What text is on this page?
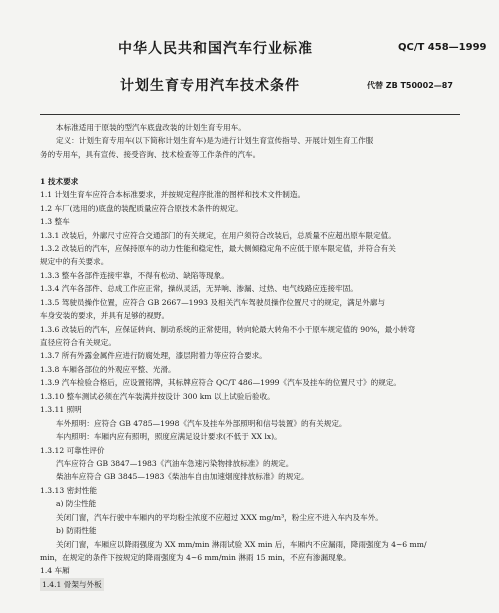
中华人民共和国汽车行业标准	QC/T 458—1999
计划生育专用汽车技术条件	代替 ZB T50002—87
本标准适用于原装的型汽车底盘改装的计划生育专用车。
定义：计划生育专用车(以下简称计划生育车)是为进行计划生育宣传指导、开展计划生育工作服
务的专用车，具有宣传、接受咨询、技术检查等工作条件的汽车。
1 技术要求
1.1 计划生育车应符合本标准要求，并按规定程序批准的图样和技术文件制造。
1.2 车厂(选用的)底盘的装配质量应符合原技术条件的规定。
1.3 整车
1.3.1 改装后，外廓尺寸应符合交通部门的有关规定，在用户须符合改装后，总质量不应超出原车限定值。
1.3.2 改装后的汽车，应保持原车的动力性能和稳定性，最大侧倾稳定角不应低于原车限定值，并符合有关
规定中的有关要求。
1.3.3 整车各部件连接牢靠，不得有松动、缺陷等现象。
1.3.4 汽车各部件、总成工作应正常，操纵灵活，无异响、渗漏、过热、电气线路应连接牢固。
1.3.5 驾驶员操作位置，应符合 GB 2667—1993 及相关汽车驾驶员操作位置尺寸的规定，满足外廓与
车身安装的要求，并具有足够的视野。
1.3.6 改装后的汽车，应保证转向、制动系统的正常使用，转向轮最大转角不小于原车规定值的 90%，最小转弯
直径应符合有关规定。
1.3.7 所有外露金属件应进行防腐处理，漆层附着力等应符合要求。
1.3.8 车厢各部位的外观应平整、光滑。
1.3.9 汽车检验合格后，应设置铭牌，其标牌应符合 QC/T 486—1999《汽车及挂车的位置尺寸》的规定。
1.3.10 整车测试必须在汽车装满并按设计 300 km 以上试验后验收。
1.3.11 照明
车外照明：应符合 GB 4785—1998《汽车及挂车外部照明和信号装置》的有关规定。
车内照明：车厢内应有照明，照度应满足设计要求(不低于 XX lx)。
1.3.12 可靠性评价
汽车应符合 GB 3847—1983《汽油车急速污染物排放标准》的规定。
柴油车应符合 GB 3845—1983《柴油车自由加速烟度排放标准》的规定。
1.3.13 密封性能
a) 防尘性能
关闭门窗，汽车行驶中车厢内的平均粉尘浓度不应超过 XXX mg/m³，粉尘应不进入车内及车外。
b) 防雨性能
关闭门窗，车厢应以降雨强度为 XX mm/min 淋雨试验 XX min 后，车厢内不应漏雨，降雨强度为 4~6 mm/
min，在规定的条件下按规定的降雨强度为 4~6 mm/min 淋雨 15 min，不应有渗漏现象。
1.4 车厢
1.4.1 骨架与外板
